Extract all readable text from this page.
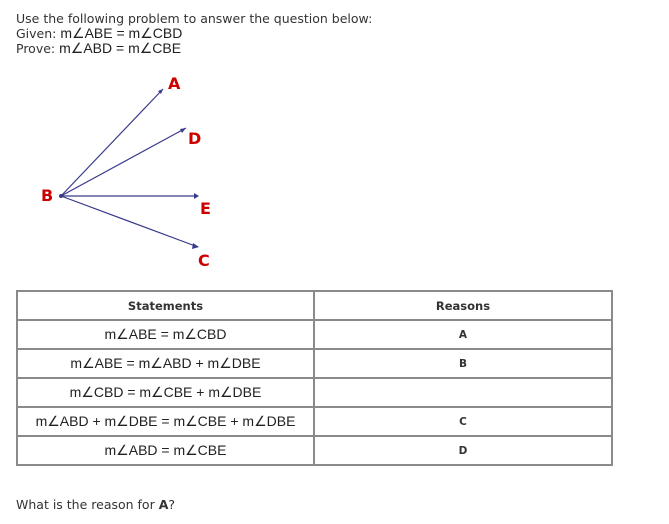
Use the following problem to answer the question below:
Given: m∠ABE = m∠CBD
Prove: m∠ABD = m∠CBE
A
D
B
E
C
Statements	Reasons
m∠ABE = m∠CBD	A
m∠ABE = m∠ABD + m∠DBE	B
m∠CBD = m∠CBE + m∠DBE	
m∠ABD + m∠DBE = m∠CBE + m∠DBE	C
m∠ABD = m∠CBE	D
What is the reason for A?
